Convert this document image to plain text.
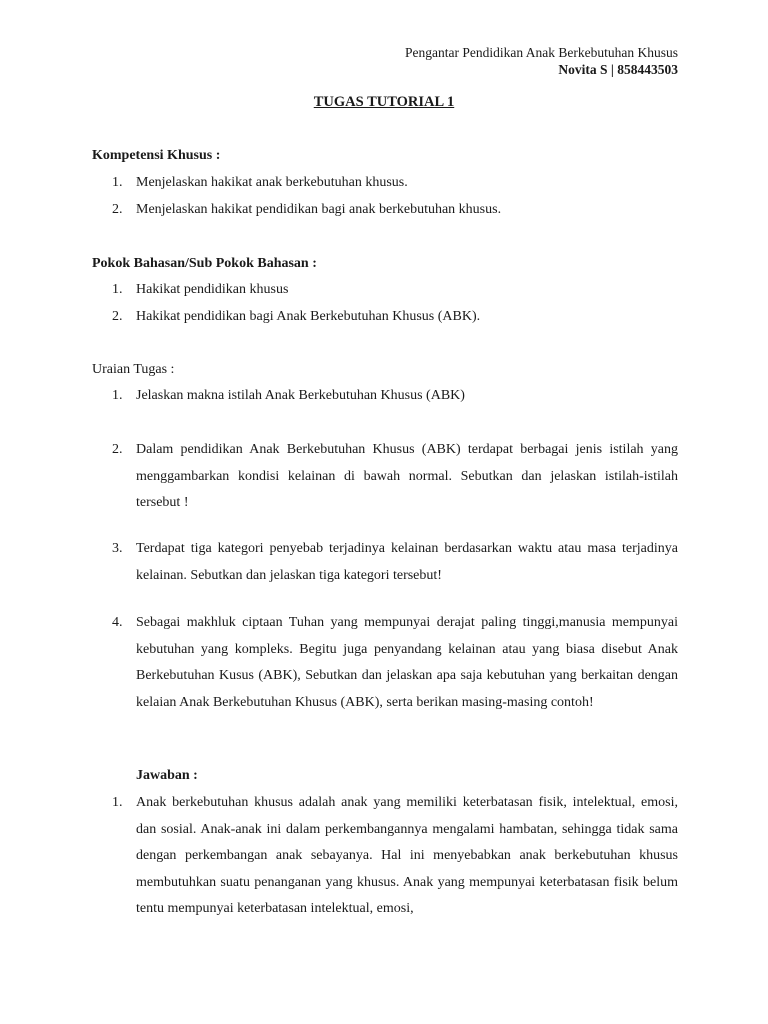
Pengantar Pendidikan Anak Berkebutuhan Khusus
Novita S | 858443503
TUGAS TUTORIAL 1
Kompetensi Khusus :
1. Menjelaskan hakikat anak berkebutuhan khusus.
2. Menjelaskan hakikat pendidikan bagi anak berkebutuhan khusus.
Pokok Bahasan/Sub Pokok Bahasan :
1. Hakikat pendidikan khusus
2. Hakikat pendidikan bagi Anak Berkebutuhan Khusus (ABK).
Uraian Tugas :
1. Jelaskan makna istilah Anak Berkebutuhan Khusus (ABK)
2. Dalam pendidikan Anak Berkebutuhan Khusus (ABK) terdapat berbagai jenis istilah yang menggambarkan kondisi kelainan di bawah normal. Sebutkan dan jelaskan istilah-istilah tersebut !
3. Terdapat tiga kategori penyebab terjadinya kelainan berdasarkan waktu atau masa terjadinya kelainan. Sebutkan dan jelaskan tiga kategori tersebut!
4. Sebagai makhluk ciptaan Tuhan yang mempunyai derajat paling tinggi,manusia mempunyai kebutuhan yang kompleks. Begitu juga penyandang kelainan atau yang biasa disebut Anak Berkebutuhan Kusus (ABK), Sebutkan dan jelaskan apa saja kebutuhan yang berkaitan dengan kelaian Anak Berkebutuhan Khusus (ABK), serta berikan masing-masing contoh!
Jawaban :
1. Anak berkebutuhan khusus adalah anak yang memiliki keterbatasan fisik, intelektual, emosi, dan sosial. Anak-anak ini dalam perkembangannya mengalami hambatan, sehingga tidak sama dengan perkembangan anak sebayanya. Hal ini menyebabkan anak berkebutuhan khusus membutuhkan suatu penanganan yang khusus. Anak yang mempunyai keterbatasan fisik belum tentu mempunyai keterbatasan intelektual, emosi,
